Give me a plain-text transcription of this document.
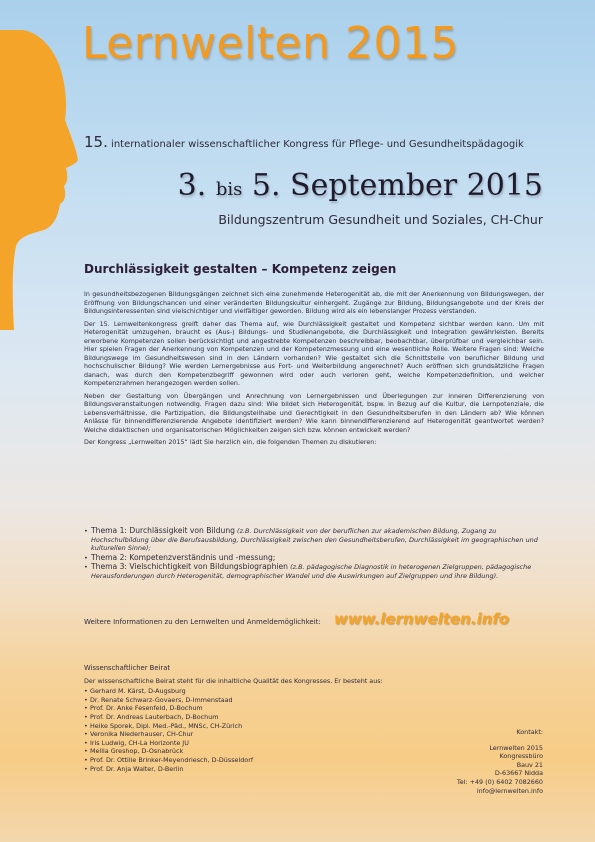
Lernwelten 2015
15. internationaler wissenschaftlicher Kongress für Pflege- und Gesundheitspädagogik
3. bis 5. September 2015
Bildungszentrum Gesundheit und Soziales, CH-Chur
Durchlässigkeit gestalten – Kompetenz zeigen

In gesundheitsbezogenen Bildungsgängen zeichnet sich eine zunehmende Heterogenität ab, die mit der Anerkennung von Bildungswegen, der Eröffnung von Bildungschancen und einer veränderten Bildungskultur einhergeht. Zugänge zur Bildung, Bildungsangebote und der Kreis der Bildungsinteressenten sind vielschichtiger und vielfältiger geworden. Bildung wird als ein lebenslanger Prozess verstanden.

Der 15. Lernweltenkongress greift daher das Thema auf, wie Durchlässigkeit gestaltet und Kompetenz sichtbar werden kann. Um mit Heterogenität umzugehen, braucht es (Aus-) Bildungs- und Studienangebote, die Durchlässigkeit und Integration gewährleisten. Bereits erworbene Kompetenzen sollen berücksichtigt und angestrebte Kompetenzen beschreibbar, beobachtbar, überprüfbar und vergleichbar sein. Hier spielen Fragen der Anerkennung von Kompetenzen und der Kompetenzmessung und eine wesentliche Rolle. Weitere Fragen sind: Welche Bildungswege im Gesundheitswesen sind in den Ländern vorhanden? Wie gestaltet sich die Schnittstelle von beruflicher Bildung und hochschulischer Bildung? Wie werden Lernergebnisse aus Fort- und Weiterbildung angerechnet? Auch eröffnen sich grundsätzliche Fragen danach, was durch den Kompetenzbegriff gewonnen wird oder auch verloren geht, welche Kompetenzdefinition, und welcher Kompetenzrahmen herangezogen werden sollen.

Neben der Gestaltung von Übergängen und Anrechnung von Lernergebnissen und Überlegungen zur inneren Differenzierung von Bildungsveranstaltungen notwendig. Fragen dazu sind: Wie bildet sich Heterogenität, bspw. in Bezug auf die Kultur, die Lernpotenziale, die Lebensverhältnisse, die Partizipation, die Bildungsteilhabe und Gerechtigkeit in den Gesundheitsberufen in den Ländern ab? Wie können Anlässe für binnendifferenzierende Angebote identifiziert werden? Wie kann binnendifferenzierend auf Heterogenität geantwortet werden? Welche didaktischen und organisatorischen Möglichkeiten zeigen sich bzw. können entwickelt werden?

Der Kongress „Lernwelten 2015“ lädt Sie herzlich ein, die folgenden Themen zu diskutieren:

• Thema 1: Durchlässigkeit von Bildung (z.B. Durchlässigkeit von der beruflichen zur akademischen Bildung, Zugang zu Hochschulbildung über die Berufsausbildung, Durchlässigkeit zwischen den Gesundheitsberufen, Durchlässigkeit im geographischen und kulturellen Sinne);
• Thema 2: Kompetenzverständnis und -messung;
• Thema 3: Vielschichtigkeit von Bildungsbiographien (z.B. pädagogische Diagnostik in heterogenen Zielgruppen, pädagogische Herausforderungen durch Heterogenität, demographischer Wandel und die Auswirkungen auf Zielgruppen und ihre Bildung).
Weitere Informationen zu den Lernwelten und Anmeldemöglichkeit: www.lernwelten.info
Wissenschaftlicher Beirat
Der wissenschaftliche Beirat steht für die inhaltliche Qualität des Kongresses. Er besteht aus:
• Gerhard M. Kärst, D-Augsburg
• Dr. Renate Schwarz-Govaers, D-Immenstaad
• Prof. Dr. Anke Fesenfeld, D-Bochum
• Prof. Dr. Andreas Lauterbach, D-Bochum
• Heike Sporek, Dipl. Med.-Päd., MNSc, CH-Zürich
• Veronika Niederhauser, CH-Chur
• Iris Ludwig, CH-La Horizonte JU
• Mellia Greshop, D-Osnabrück
• Prof. Dr. Ottilie Brinker-Meyendriesch, D-Düsseldorf
• Prof. Dr. Anja Walter, D-Berlin
Kontakt:
Lernwelten 2015
Kongressbüro
Bauv 21
D-63667 Nidda
Tel: +49 (0) 6402 7082660
info@lernwelten.info
